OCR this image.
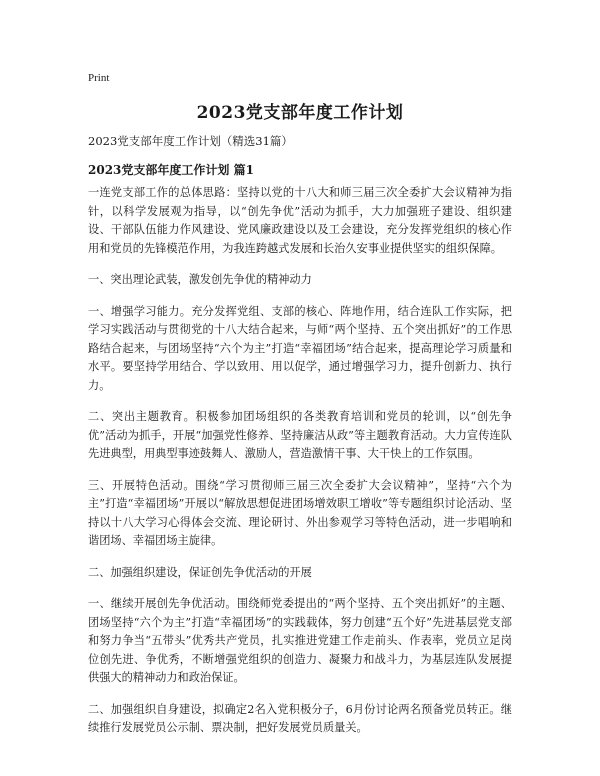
Print
2023党支部年度工作计划
2023党支部年度工作计划（精选31篇）
2023党支部年度工作计划 篇1

一连党支部工作的总体思路：坚持以党的十八大和师三届三次全委扩大会议精神为指针，以科学发展观为指导，以“创先争优”活动为抓手，大力加强班子建设、组织建设、干部队伍能力作风建设、党风廉政建设以及工会建设，充分发挥党组织的核心作用和党员的先锋模范作用，为我连跨越式发展和长治久安事业提供坚实的组织保障。

一、突出理论武装，激发创先争优的精神动力

一、增强学习能力。充分发挥党组、支部的核心、阵地作用，结合连队工作实际，把学习实践活动与贯彻党的十八大结合起来，与师“两个坚持、五个突出抓好”的工作思路结合起来，与团场坚持“六个为主”打造“幸福团场”结合起来，提高理论学习质量和水平。要坚持学用结合、学以致用、用以促学，通过增强学习力，提升创新力、执行力。

二、突出主题教育。积极参加团场组织的各类教育培训和党员的轮训，以“创先争优”活动为抓手，开展“加强党性修养、坚持廉洁从政”等主题教育活动。大力宣传连队先进典型，用典型事迹鼓舞人、激励人，营造激情干事、大干快上的工作氛围。

三、开展特色活动。围绕“学习贯彻师三届三次全委扩大会议精神”，坚持“六个为主”打造“幸福团场”开展以“解放思想促进团场增效职工增收”等专题组织讨论活动、坚持以十八大学习心得体会交流、理论研讨、外出参观学习等特色活动，进一步唱响和谐团场、幸福团场主旋律。

二、加强组织建设，保证创先争优活动的开展

一、继续开展创先争优活动。围绕师党委提出的“两个坚持、五个突出抓好”的主题、团场坚持“六个为主”打造“幸福团场”的实践载体，努力创建“五个好”先进基层党支部和努力争当“五带头”优秀共产党员，扎实推进党建工作走前头、作表率，党员立足岗位创先进、争优秀，不断增强党组织的创造力、凝聚力和战斗力，为基层连队发展提供强大的精神动力和政治保证。

二、加强组织自身建设，拟确定2名入党积极分子，6月份讨论两名预备党员转正。继续推行发展党员公示制、票决制，把好发展党员质量关。
